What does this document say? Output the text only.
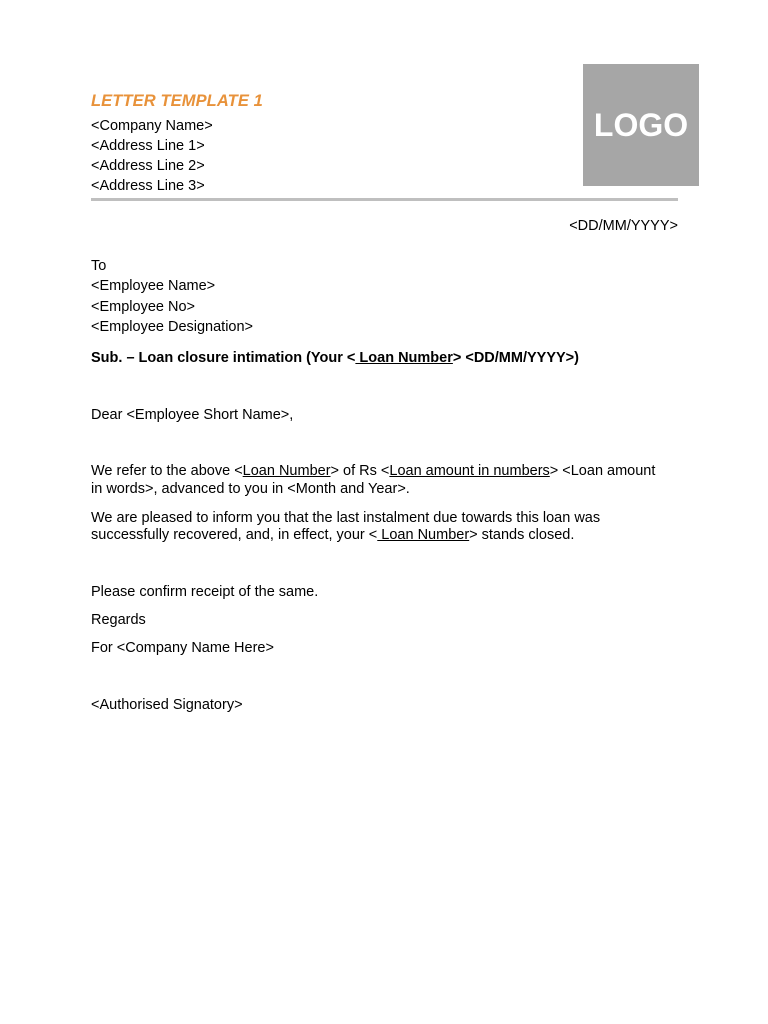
LETTER TEMPLATE 1
LOGO
<Company Name>
<Address Line 1>
<Address Line 2>
<Address Line 3>
<DD/MM/YYYY>
To
<Employee Name>
<Employee No>
<Employee Designation>
Sub. – Loan closure intimation (Your < Loan Number> <DD/MM/YYYY>)
Dear <Employee Short Name>,
We refer to the above <Loan Number> of Rs <Loan amount in numbers> <Loan amount
in words>, advanced to you in <Month and Year>.
We are pleased to inform you that the last instalment due towards this loan was
successfully recovered, and, in effect, your < Loan Number> stands closed.
Please confirm receipt of the same.
Regards
For <Company Name Here>
<Authorised Signatory>
